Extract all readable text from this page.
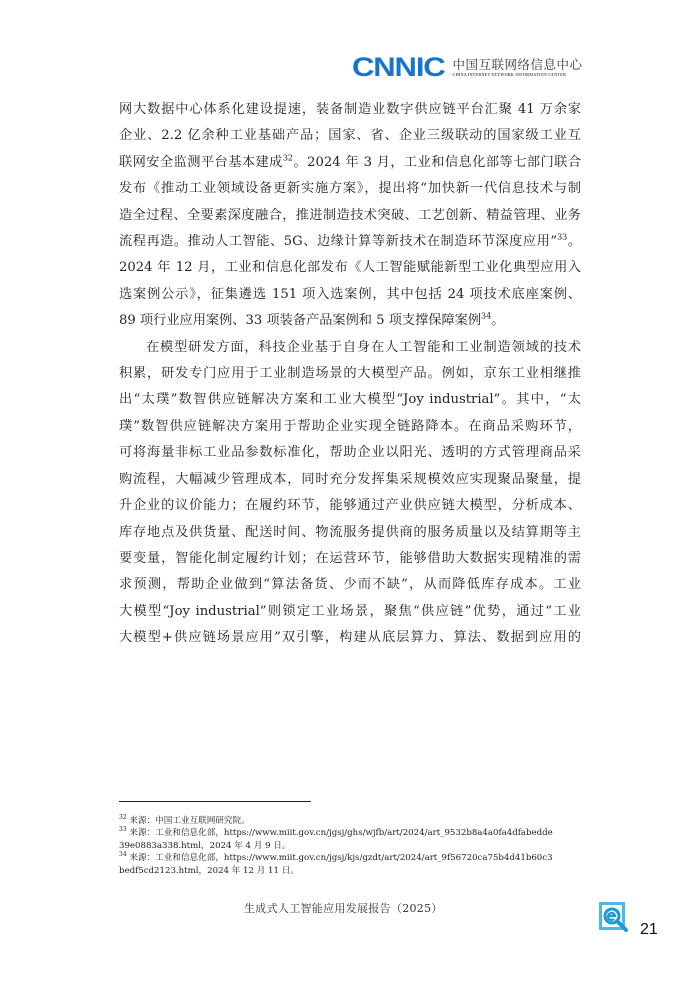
CNNIC 中国互联网络信息中心
CHINA INTERNET NETWORK INFORMATION CENTER

网大数据中心体系化建设提速，装备制造业数字供应链平台汇聚 41 万余家
企业、2.2 亿余种工业基础产品；国家、省、企业三级联动的国家级工业互
联网安全监测平台基本建成$^{32}$。2024 年 3 月，工业和信息化部等七部门联合
发布《推动工业领域设备更新实施方案》，提出将“加快新一代信息技术与制
造全过程、全要素深度融合，推进制造技术突破、工艺创新、精益管理、业务
流程再造。推动人工智能、5G、边缘计算等新技术在制造环节深度应用”$^{33}$。
2024 年 12 月，工业和信息化部发布《人工智能赋能新型工业化典型应用入
选案例公示》，征集遴选 151 项入选案例，其中包括 24 项技术底座案例、
89 项行业应用案例、33 项装备产品案例和 5 项支撑保障案例$^{34}$。

在模型研发方面，科技企业基于自身在人工智能和工业制造领域的技术
积累，研发专门应用于工业制造场景的大模型产品。例如，京东工业相继推
出“太璞”数智供应链解决方案和工业大模型“Joy industrial”。其中，“太
璞”数智供应链解决方案用于帮助企业实现全链路降本。在商品采购环节，
可将海量非标工业品参数标准化，帮助企业以阳光、透明的方式管理商品采
购流程，大幅减少管理成本，同时充分发挥集采规模效应实现聚品聚量，提
升企业的议价能力；在履约环节，能够通过产业供应链大模型，分析成本、
库存地点及供货量、配送时间、物流服务提供商的服务质量以及结算期等主
要变量，智能化制定履约计划；在运营环节，能够借助大数据实现精准的需
求预测，帮助企业做到“算法备货、少而不缺”，从而降低库存成本。工业
大模型“Joy industrial”则锁定工业场景，聚焦“供应链”优势，通过“工业
大模型+供应链场景应用”双引擎，构建从底层算力、算法、数据到应用的

$^{32}$ 来源：中国工业互联网研究院。
$^{33}$ 来源：工业和信息化部，https://www.miit.gov.cn/jgsj/ghs/wjfb/art/2024/art_9532b8a4a0fa4dfabedde
39e0883a338.html，2024 年 4 月 9 日。
$^{34}$ 来源：工业和信息化部，https://www.miit.gov.cn/jgsj/kjs/gzdt/art/2024/art_9f56720ca75b4d41b60c3
bedf5cd2123.html，2024 年 12 月 11 日。
生成式人工智能应用发展报告（2025）
21
